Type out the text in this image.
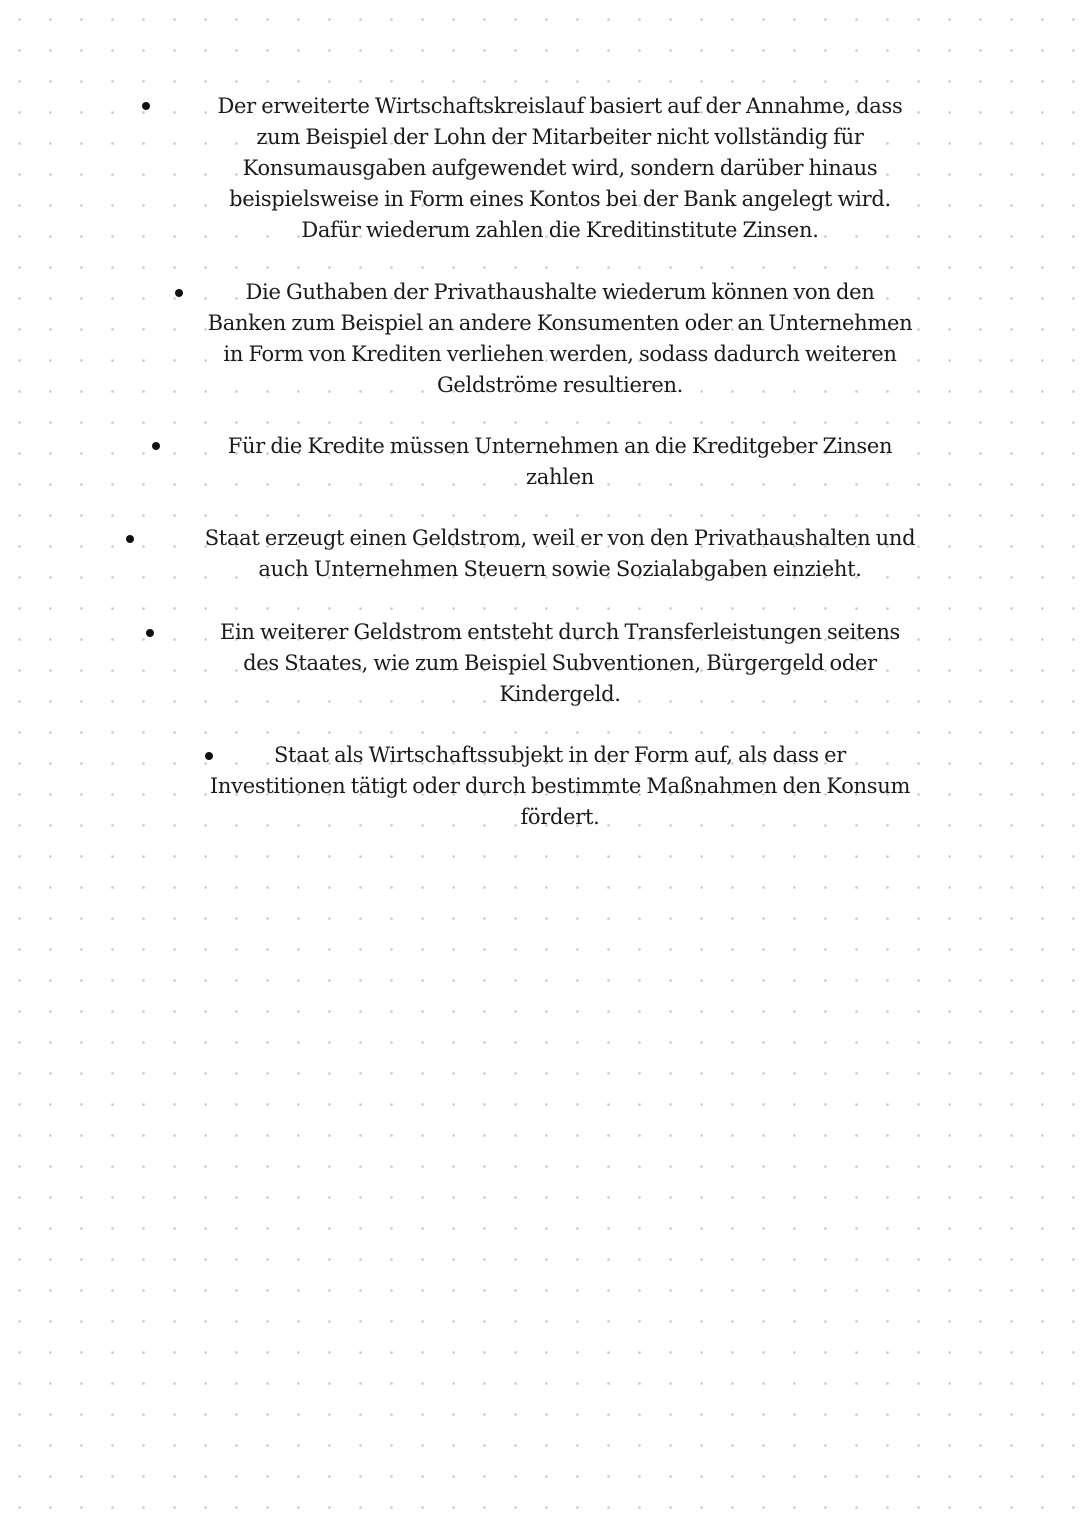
Der erweiterte Wirtschaftskreislauf basiert auf der Annahme, dass
zum Beispiel der Lohn der Mitarbeiter nicht vollständig für
Konsumausgaben aufgewendet wird, sondern darüber hinaus
beispielsweise in Form eines Kontos bei der Bank angelegt wird.
Dafür wiederum zahlen die Kreditinstitute Zinsen.
Die Guthaben der Privathaushalte wiederum können von den
Banken zum Beispiel an andere Konsumenten oder an Unternehmen
in Form von Krediten verliehen werden, sodass dadurch weiteren
Geldströme resultieren.
Für die Kredite müssen Unternehmen an die Kreditgeber Zinsen
zahlen
Staat erzeugt einen Geldstrom, weil er von den Privathaushalten und
auch Unternehmen Steuern sowie Sozialabgaben einzieht.
Ein weiterer Geldstrom entsteht durch Transferleistungen seitens
des Staates, wie zum Beispiel Subventionen, Bürgergeld oder
Kindergeld.
Staat als Wirtschaftssubjekt in der Form auf, als dass er
Investitionen tätigt oder durch bestimmte Maßnahmen den Konsum
fördert.
